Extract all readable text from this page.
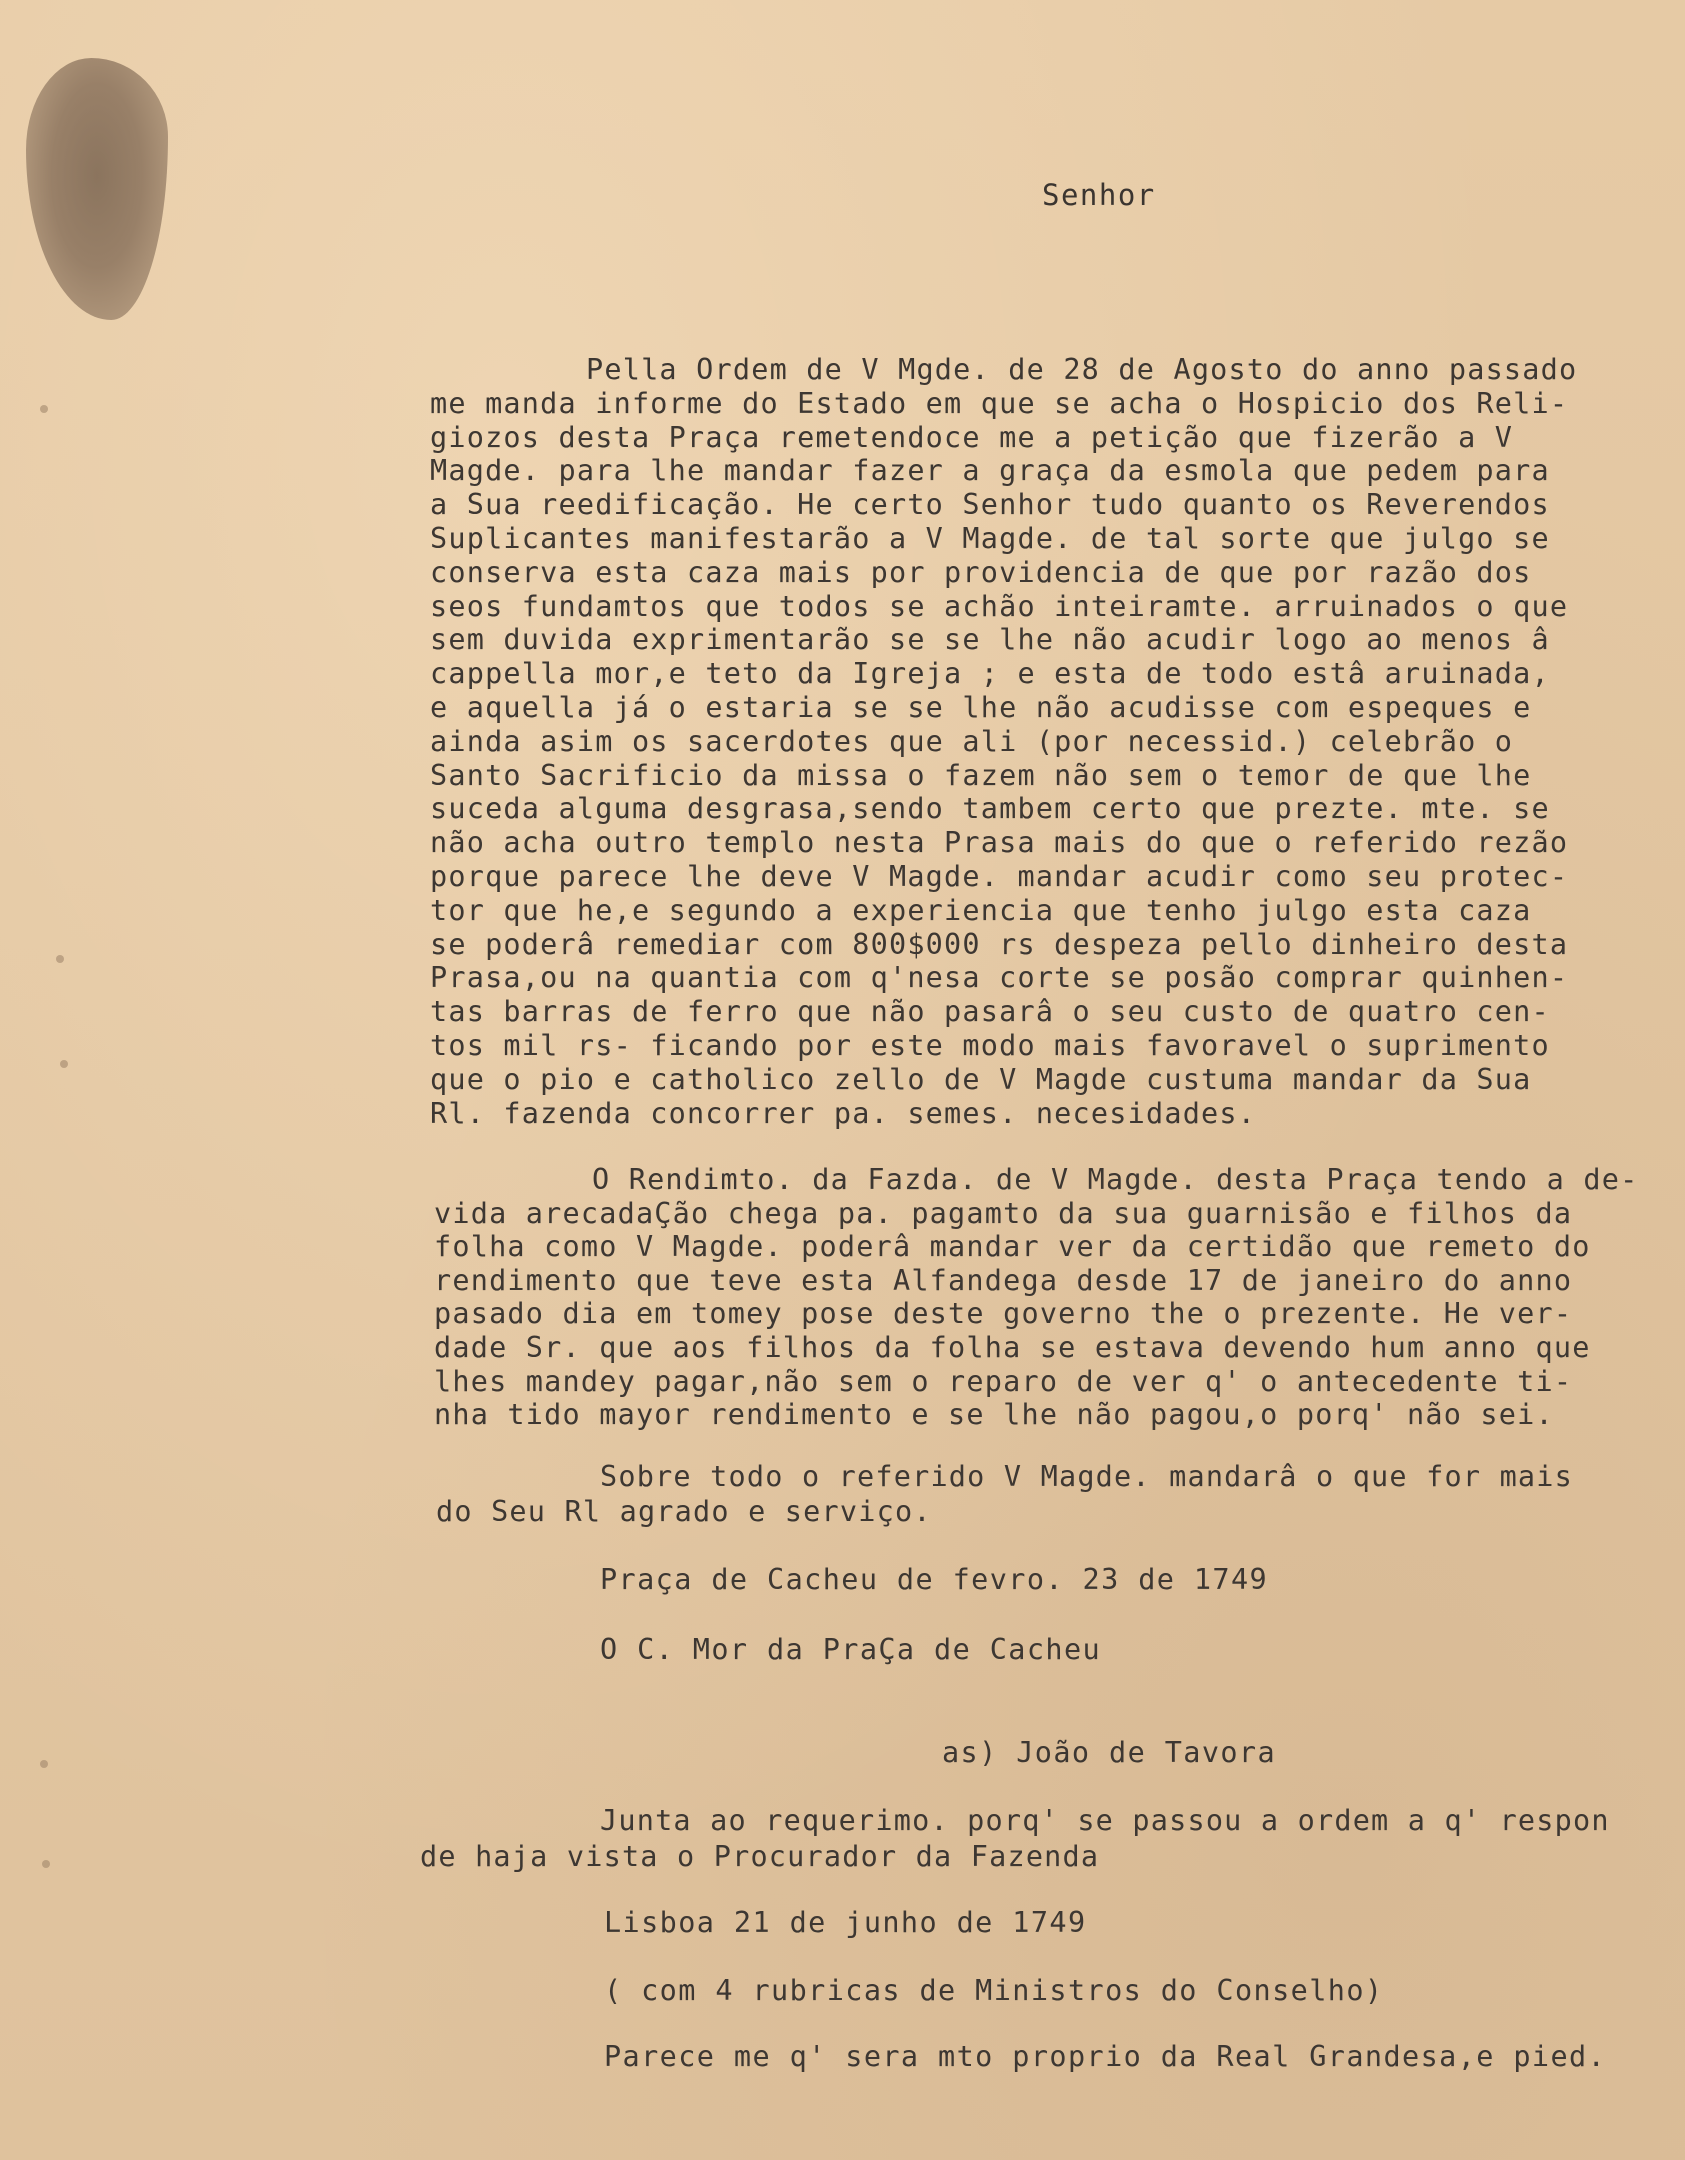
Senhor
Pella Ordem de V Mgde. de 28 de Agosto do anno passado
me manda informe do Estado em que se acha o Hospicio dos Reli-
giozos desta Praça remetendoce me a petição que fizerão a V
Magde. para lhe mandar fazer a graça da esmola que pedem para
a Sua reedificação. He certo Senhor tudo quanto os Reverendos
Suplicantes manifestarão a V Magde. de tal sorte que julgo se
conserva esta caza mais por providencia de que por razão dos
seos fundamtos que todos se achão inteiramte. arruinados o que
sem duvida exprimentarão se se lhe não acudir logo ao menos â
cappella mor,e teto da Igreja ; e esta de todo estâ aruinada,
e aquella já o estaria se se lhe não acudisse com espeques e
ainda asim os sacerdotes que ali (por necessid.) celebrão o
Santo Sacrificio da missa o fazem não sem o temor de que lhe
suceda alguma desgrasa,sendo tambem certo que prezte. mte. se
não acha outro templo nesta Prasa mais do que o referido rezão
porque parece lhe deve V Magde. mandar acudir como seu protec-
tor que he,e segundo a experiencia que tenho julgo esta caza
se poderâ remediar com 800$000 rs despeza pello dinheiro desta
Prasa,ou na quantia com q'nesa corte se posão comprar quinhen-
tas barras de ferro que não pasarâ o seu custo de quatro cen-
tos mil rs- ficando por este modo mais favoravel o suprimento
que o pio e catholico zello de V Magde custuma mandar da Sua
Rl. fazenda concorrer pa. semes. necesidades.
O Rendimto. da Fazda. de V Magde. desta Praça tendo a de-
vida arecadaÇão chega pa. pagamto da sua guarnisão e filhos da
folha como V Magde. poderâ mandar ver da certidão que remeto do
rendimento que teve esta Alfandega desde 17 de janeiro do anno
pasado dia em tomey pose deste governo the o prezente. He ver-
dade Sr. que aos filhos da folha se estava devendo hum anno que
lhes mandey pagar,não sem o reparo de ver q' o antecedente ti-
nha tido mayor rendimento e se lhe não pagou,o porq' não sei.
Sobre todo o referido V Magde. mandarâ o que for mais
do Seu Rl agrado e serviço.
Praça de Cacheu de fevro. 23 de 1749
O C. Mor da PraÇa de Cacheu
as) João de Tavora
Junta ao requerimo. porq' se passou a ordem a q' respon
de haja vista o Procurador da Fazenda
Lisboa 21 de junho de 1749
( com 4 rubricas de Ministros do Conselho)
Parece me q' sera mto proprio da Real Grandesa,e pied.
